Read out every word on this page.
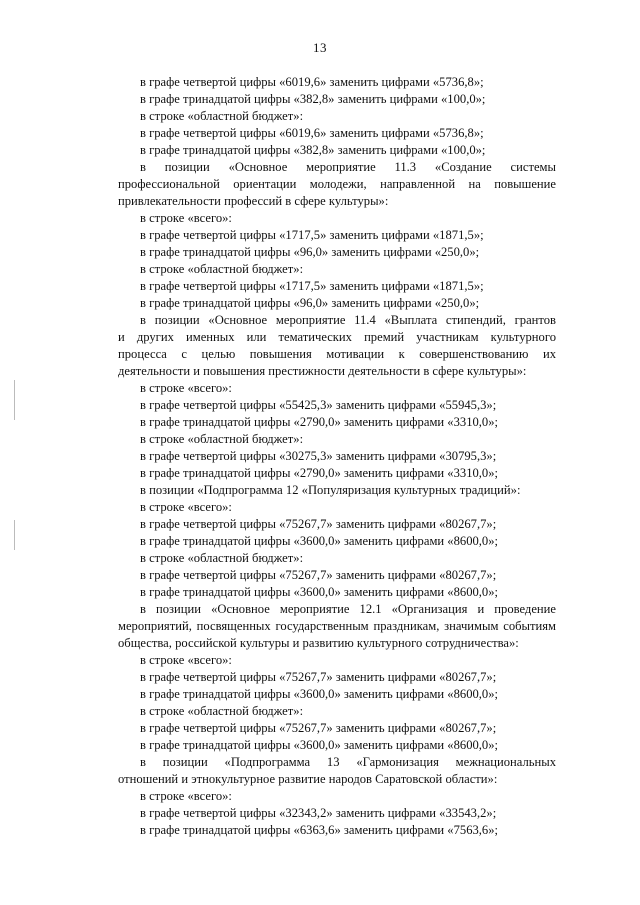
13
в графе четвертой цифры «6019,6» заменить цифрами «5736,8»;
в графе тринадцатой цифры «382,8» заменить цифрами «100,0»;
в строке «областной бюджет»:
в графе четвертой цифры «6019,6» заменить цифрами «5736,8»;
в графе тринадцатой цифры «382,8» заменить цифрами «100,0»;
в позиции «Основное мероприятие 11.3 «Создание системы
профессиональной ориентации молодежи, направленной на повышение
привлекательности профессий в сфере культуры»:
в строке «всего»:
в графе четвертой цифры «1717,5» заменить цифрами «1871,5»;
в графе тринадцатой цифры «96,0» заменить цифрами «250,0»;
в строке «областной бюджет»:
в графе четвертой цифры «1717,5» заменить цифрами «1871,5»;
в графе тринадцатой цифры «96,0» заменить цифрами «250,0»;
в позиции «Основное мероприятие 11.4 «Выплата стипендий, грантов
и других именных или тематических премий участникам культурного
процесса с целью повышения мотивации к совершенствованию их
деятельности и повышения престижности деятельности в сфере культуры»:
в строке «всего»:
в графе четвертой цифры «55425,3» заменить цифрами «55945,3»;
в графе тринадцатой цифры «2790,0» заменить цифрами «3310,0»;
в строке «областной бюджет»:
в графе четвертой цифры «30275,3» заменить цифрами «30795,3»;
в графе тринадцатой цифры «2790,0» заменить цифрами «3310,0»;
в позиции «Подпрограмма 12 «Популяризация культурных традиций»:
в строке «всего»:
в графе четвертой цифры «75267,7» заменить цифрами «80267,7»;
в графе тринадцатой цифры «3600,0» заменить цифрами «8600,0»;
в строке «областной бюджет»:
в графе четвертой цифры «75267,7» заменить цифрами «80267,7»;
в графе тринадцатой цифры «3600,0» заменить цифрами «8600,0»;
в позиции «Основное мероприятие 12.1 «Организация и проведение
мероприятий, посвященных государственным праздникам, значимым событиям
общества, российской культуры и развитию культурного сотрудничества»:
в строке «всего»:
в графе четвертой цифры «75267,7» заменить цифрами «80267,7»;
в графе тринадцатой цифры «3600,0» заменить цифрами «8600,0»;
в строке «областной бюджет»:
в графе четвертой цифры «75267,7» заменить цифрами «80267,7»;
в графе тринадцатой цифры «3600,0» заменить цифрами «8600,0»;
в позиции «Подпрограмма 13 «Гармонизация межнациональных
отношений и этнокультурное развитие народов Саратовской области»:
в строке «всего»:
в графе четвертой цифры «32343,2» заменить цифрами «33543,2»;
в графе тринадцатой цифры «6363,6» заменить цифрами «7563,6»;
